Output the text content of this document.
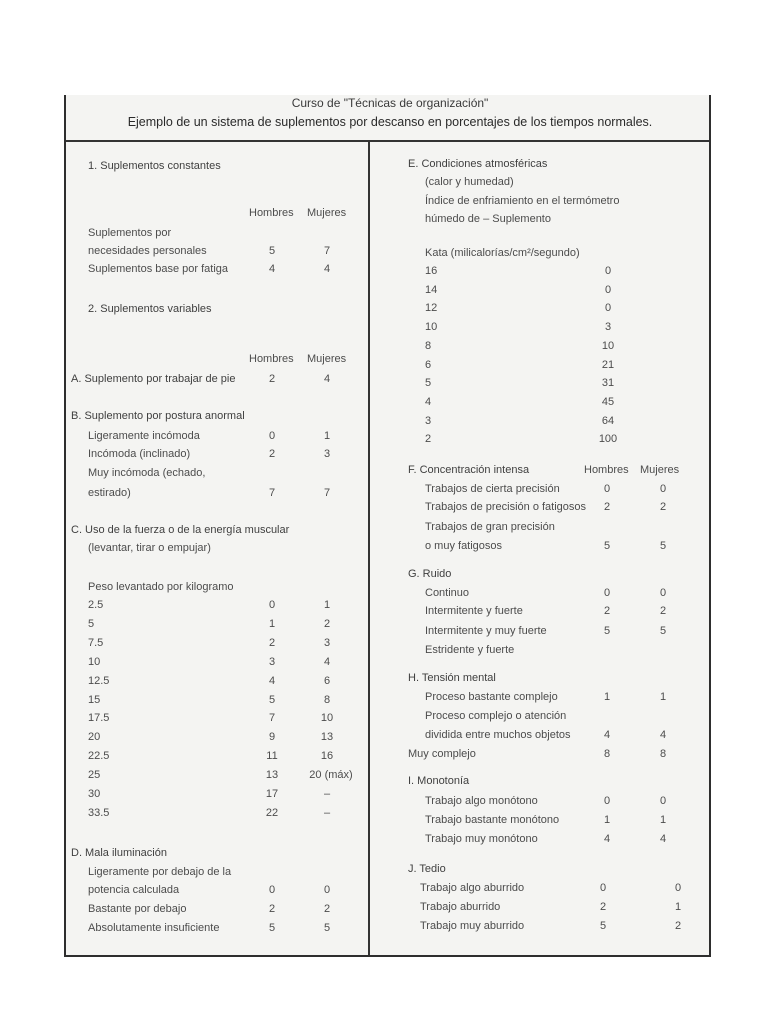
Curso de "Técnicas de organización"
Ejemplo de un sistema de suplementos por descanso en porcentajes de los tiempos normales.
1. Suplementos constantes
Hombres Mujeres
Suplementos por
necesidades personales	5	7
Suplementos base por fatiga	4	4
2. Suplementos variables
Hombres Mujeres
A. Suplemento por trabajar de pie	2	4
B. Suplemento por postura anormal
Ligeramente incómoda	0	1
Incómoda (inclinado)	2	3
Muy incómoda (echado,
estirado)	7	7
C. Uso de la fuerza o de la energía muscular
(levantar, tirar o empujar)
Peso levantado por kilogramo
2.5	0	1
5	1	2
7.5	2	3
10	3	4
12.5	4	6
15	5	8
17.5	7	10
20	9	13
22.5	11	16
25	13	20 (máx)
30	17	–
33.5	22	–
D. Mala iluminación
Ligeramente por debajo de la
potencia calculada	0	0
Bastante por debajo	2	2
Absolutamente insuficiente	5	5
E. Condiciones atmosféricas
(calor y humedad)
Índice de enfriamiento en el termómetro
húmedo de – Suplemento
Kata (milicalorías/cm²/segundo)
16	0
14	0
12	0
10	3
8	10
6	21
5	31
4	45
3	64
2	100
F. Concentración intensa	Hombres Mujeres
Trabajos de cierta precisión	0	0
Trabajos de precisión o fatigosos	2	2
Trabajos de gran precisión
o muy fatigosos	5	5
G. Ruido
Continuo	0	0
Intermitente y fuerte	2	2
Intermitente y muy fuerte	5	5
Estridente y fuerte
H. Tensión mental
Proceso bastante complejo	1	1
Proceso complejo o atención
dividida entre muchos objetos	4	4
Muy complejo	8	8
I. Monotonía
Trabajo algo monótono	0	0
Trabajo bastante monótono	1	1
Trabajo muy monótono	4	4
J. Tedio
Trabajo algo aburrido	0	0
Trabajo aburrido	2	1
Trabajo muy aburrido	5	2
